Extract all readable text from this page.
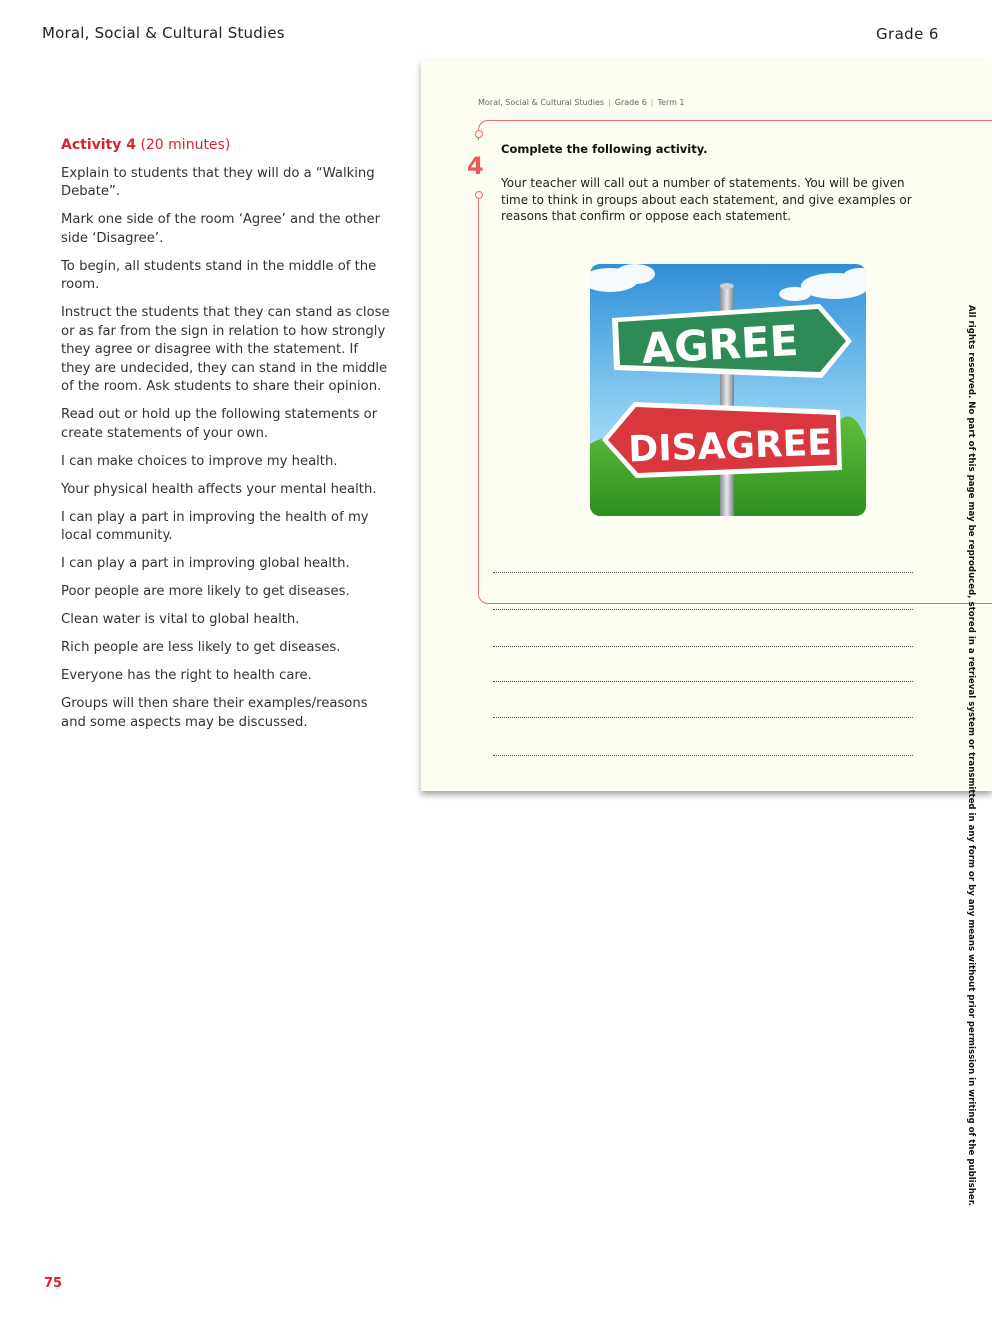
Moral, Social & Cultural Studies	Grade 6
Activity 4 (20 minutes)

Explain to students that they will do a “Walking Debate”.

Mark one side of the room ‘Agree’ and the other side ‘Disagree’.

To begin, all students stand in the middle of the room.

Instruct the students that they can stand as close or as far from the sign in relation to how strongly they agree or disagree with the statement. If they are undecided, they can stand in the middle of the room. Ask students to share their opinion.

Read out or hold up the following statements or create statements of your own.

I can make choices to improve my health.

Your physical health affects your mental health.

I can play a part in improving the health of my local community.

I can play a part in improving global health.

Poor people are more likely to get diseases.

Clean water is vital to global health.

Rich people are less likely to get diseases.

Everyone has the right to health care.

Groups will then share their examples/reasons and some aspects may be discussed.

Moral, Social & Cultural Studies | Grade 6 | Term 1
4
Complete the following activity.
Your teacher will call out a number of statements. You will be given time to think in groups about each statement, and give examples or reasons that confirm or oppose each statement.
AGREE
DISAGREE	All rights reserved. No part of this page may be reproduced, stored in a retrieval system or transmitted in any form or by any means without prior permission in writing of the publisher.
75
